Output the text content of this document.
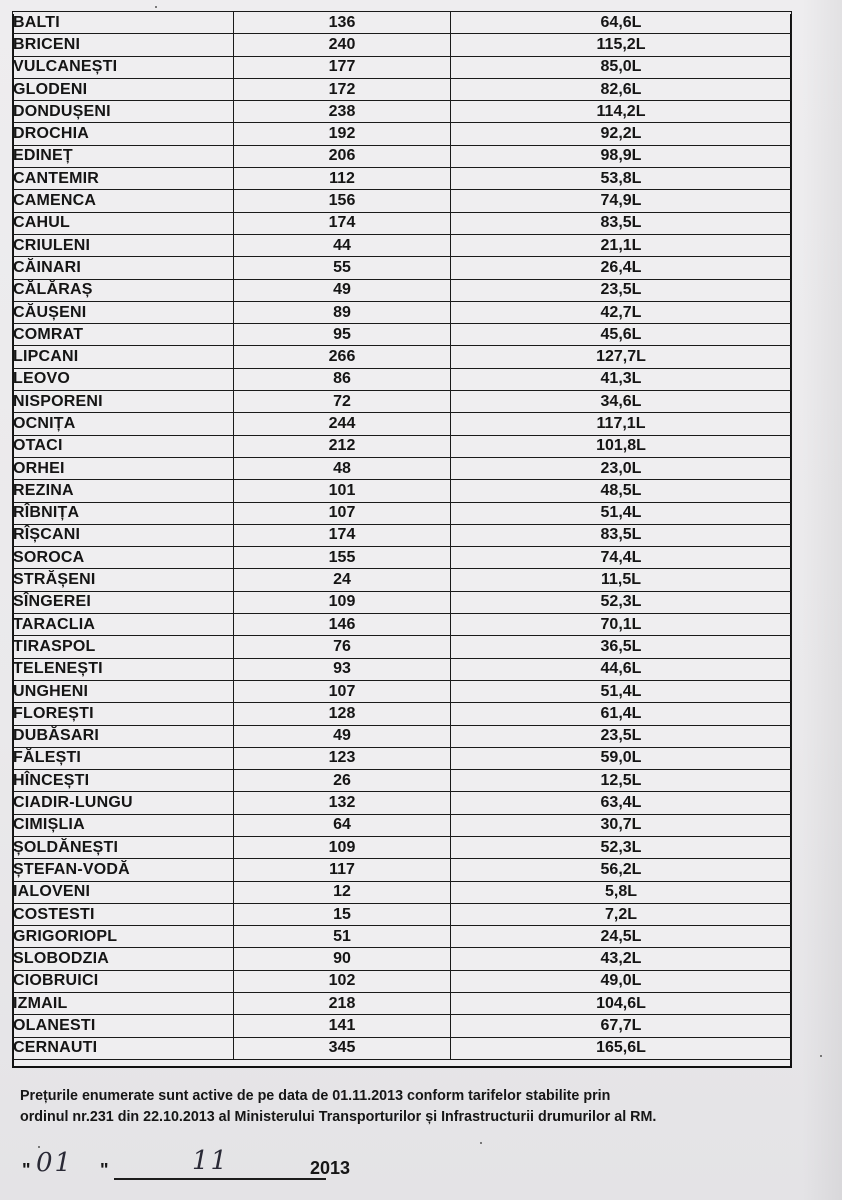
BALTI	136	64,6L
BRICENI	240	115,2L
VULCANEȘTI	177	85,0L
GLODENI	172	82,6L
DONDUȘENI	238	114,2L
DROCHIA	192	92,2L
EDINEȚ	206	98,9L
CANTEMIR	112	53,8L
CAMENCA	156	74,9L
CAHUL	174	83,5L
CRIULENI	44	21,1L
CĂINARI	55	26,4L
CĂLĂRAȘ	49	23,5L
CĂUȘENI	89	42,7L
COMRAT	95	45,6L
LIPCANI	266	127,7L
LEOVO	86	41,3L
NISPORENI	72	34,6L
OCNIȚA	244	117,1L
OTACI	212	101,8L
ORHEI	48	23,0L
REZINA	101	48,5L
RÎBNIȚA	107	51,4L
RÎȘCANI	174	83,5L
SOROCA	155	74,4L
STRĂȘENI	24	11,5L
SÎNGEREI	109	52,3L
TARACLIA	146	70,1L
TIRASPOL	76	36,5L
TELENEȘTI	93	44,6L
UNGHENI	107	51,4L
FLOREȘTI	128	61,4L
DUBĂSARI	49	23,5L
FĂLEȘTI	123	59,0L
HÎNCEȘTI	26	12,5L
CIADIR-LUNGU	132	63,4L
CIMIȘLIA	64	30,7L
ȘOLDĂNEȘTI	109	52,3L
ȘTEFAN-VODĂ	117	56,2L
IALOVENI	12	5,8L
COSTESTI	15	7,2L
GRIGORIOPL	51	24,5L
SLOBODZIA	90	43,2L
CIOBRUICI	102	49,0L
IZMAIL	218	104,6L
OLANESTI	141	67,7L
CERNAUTI	345	165,6L
Prețurile enumerate sunt active de pe data de 01.11.2013 conform tarifelor stabilite prin
ordinul nr.231 din 22.10.2013 al Ministerului Transporturilor și Infrastructurii drumurilor al RM.
" 01 "	11	2013
